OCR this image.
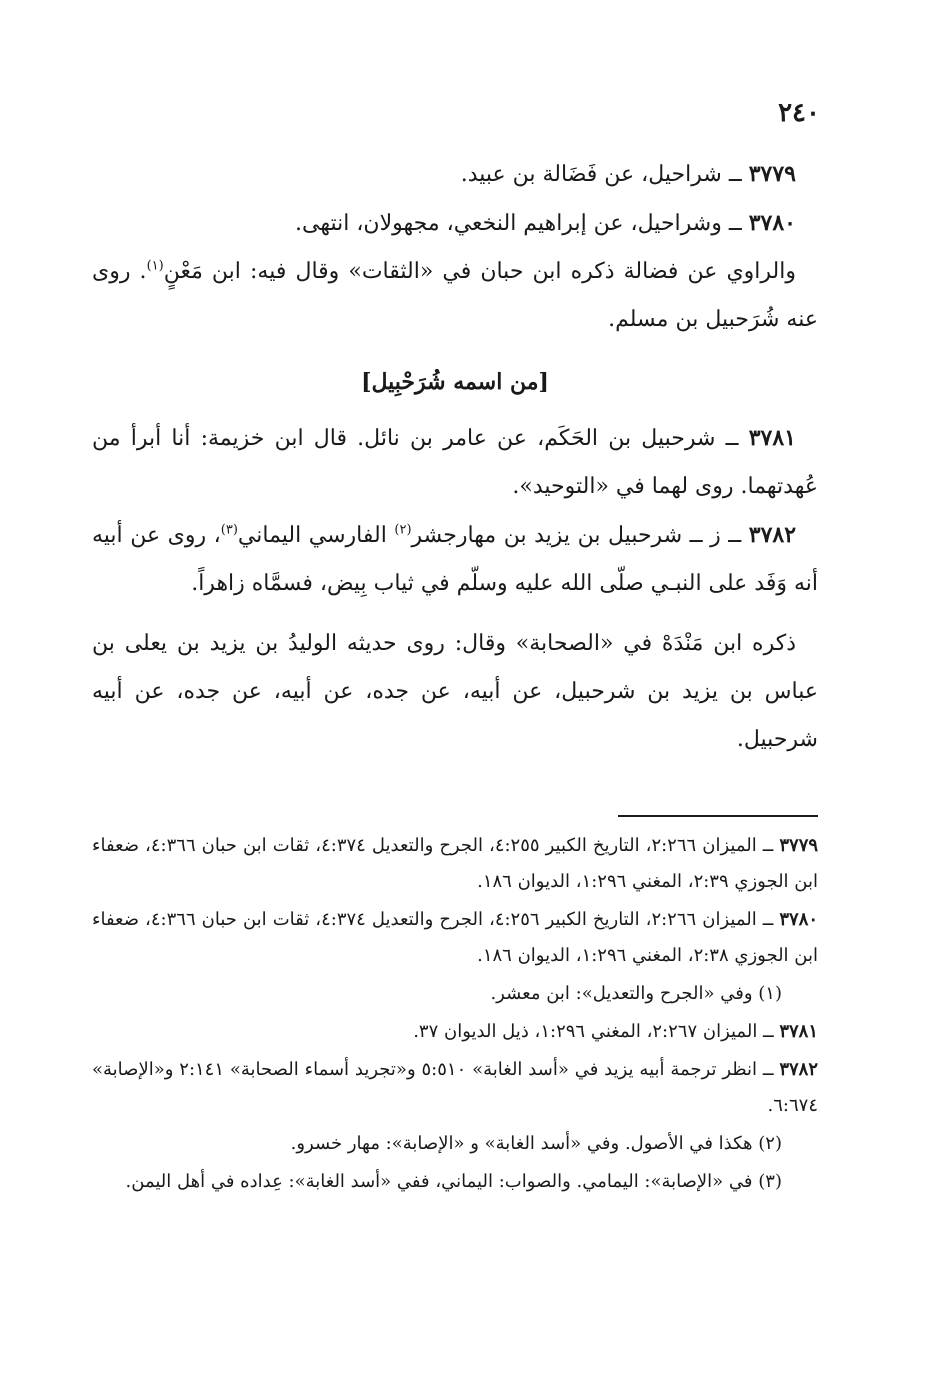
٢٤٠

٣٧٧٩ ــ شراحيل، عن فَضَالة بن عبيد.

٣٧٨٠ ــ وشراحيل، عن إبراهيم النخعي، مجهولان، انتهى.

والراوي عن فضالة ذكره ابن حبان في «الثقات» وقال فيه: ابن مَعْنٍ$^{(١)}$. روى عنه شُرَحبيل بن مسلم.

[من اسمه شُرَحْبِيل]

٣٧٨١ ــ شرحبيل بن الحَكَم، عن عامر بن نائل. قال ابن خزيمة: أنا أبرأ من عُهدتهما. روى لهما في «التوحيد».

٣٧٨٢ ــ ز ــ شرحبيل بن يزيد بن مهارجشر$^{(٢)}$ الفارسي اليماني$^{(٣)}$، روى عن أبيه أنه وَفَد على النبـي صلّى الله عليه وسلّم في ثياب بِيض، فسمَّاه زاهراً.

ذكره ابن مَنْدَهْ في «الصحابة» وقال: روى حديثه الوليدُ بن يزيد بن يعلى بن عباس بن يزيد بن شرحبيل، عن أبيه، عن جده، عن أبيه، عن جده، عن أبيه شرحبيل.

٣٧٧٩ ــ الميزان ٢:٢٦٦، التاريخ الكبير ٤:٢٥٥، الجرح والتعديل ٤:٣٧٤، ثقات ابن حبان ٤:٣٦٦، ضعفاء ابن الجوزي ٢:٣٩، المغني ١:٢٩٦، الديوان ١٨٦.

٣٧٨٠ ــ الميزان ٢:٢٦٦، التاريخ الكبير ٤:٢٥٦، الجرح والتعديل ٤:٣٧٤، ثقات ابن حبان ٤:٣٦٦، ضعفاء ابن الجوزي ٢:٣٨، المغني ١:٢٩٦، الديوان ١٨٦.

(١) وفي «الجرح والتعديل»: ابن معشر.

٣٧٨١ ــ الميزان ٢:٢٦٧، المغني ١:٢٩٦، ذيل الديوان ٣٧.

٣٧٨٢ ــ انظر ترجمة أبيه يزيد في «أسد الغابة» ٥:٥١٠ و«تجريد أسماء الصحابة» ٢:١٤١ و«الإصابة» ٦:٦٧٤.

(٢) هكذا في الأصول. وفي «أسد الغابة» و «الإصابة»: مهار خسرو.

(٣) في «الإصابة»: اليمامي. والصواب: اليماني، ففي «أسد الغابة»: عِداده في أهل اليمن.
